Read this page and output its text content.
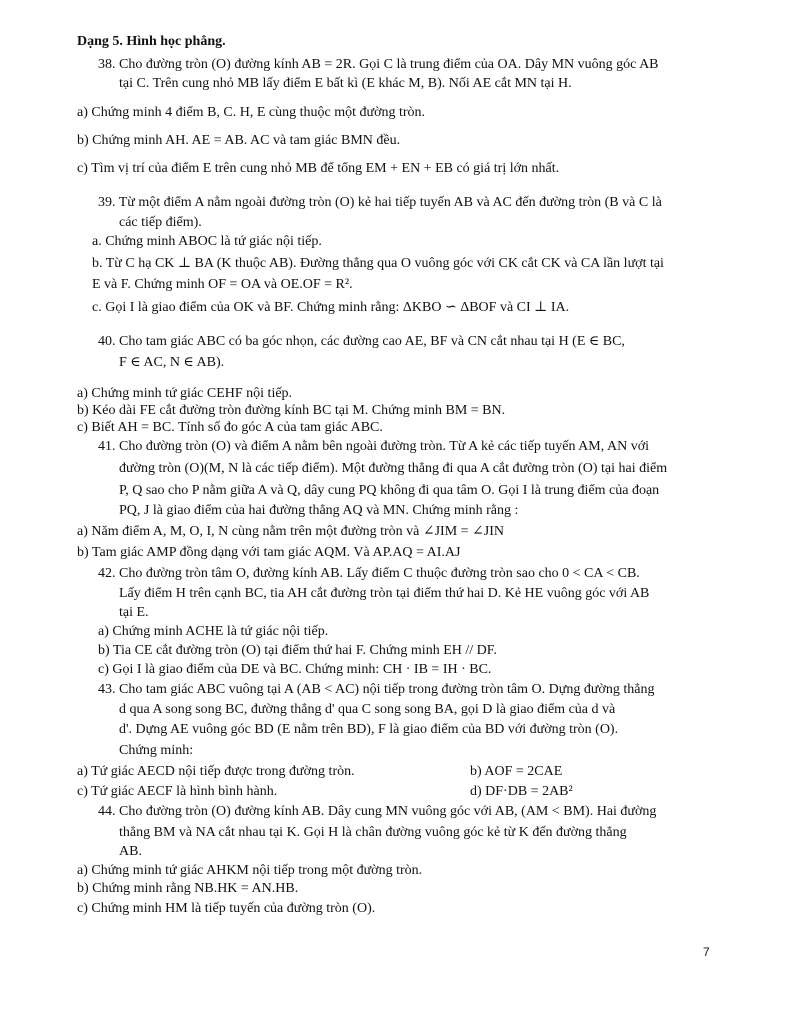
Dạng 5. Hình học phẳng.
38. Cho đường tròn (O) đường kính AB = 2R. Gọi C là trung điểm của OA. Dây MN vuông góc AB
tại C. Trên cung nhỏ MB lấy điểm E bất kì (E khác M, B). Nối AE cắt MN tại H.
a) Chứng minh 4 điểm B, C. H, E cùng thuộc một đường tròn.
b) Chứng minh AH. AE = AB. AC và tam giác BMN đều.
c) Tìm vị trí của điểm E trên cung nhỏ MB để tổng EM + EN + EB có giá trị lớn nhất.
39. Từ một điểm A nằm ngoài đường tròn (O) kẻ hai tiếp tuyến AB và AC đến đường tròn (B và C là
các tiếp điểm).
a. Chứng minh ABOC là tứ giác nội tiếp.
b. Từ C hạ CK ⊥ BA (K thuộc AB). Đường thẳng qua O vuông góc với CK cắt CK và CA lần lượt tại
E và F. Chứng minh OF = OA và OE.OF = R².
c. Gọi I là giao điểm của OK và BF. Chứng minh rằng: ΔKBO ∽ ΔBOF và CI ⊥ IA.
40. Cho tam giác ABC có ba góc nhọn, các đường cao AE, BF và CN cắt nhau tại H (E ∈ BC,
F ∈ AC, N ∈ AB).
a) Chứng minh tứ giác CEHF nội tiếp.
b) Kéo dài FE cắt đường tròn đường kính BC tại M. Chứng minh BM = BN.
c) Biết AH = BC. Tính số đo góc A của tam giác ABC.
41. Cho đường tròn (O) và điểm A nằm bên ngoài đường tròn. Từ A kẻ các tiếp tuyến AM, AN với
đường tròn (O)(M, N là các tiếp điểm). Một đường thẳng đi qua A cắt đường tròn (O) tại hai điểm
P, Q sao cho P nằm giữa A và Q, dây cung PQ không đi qua tâm O. Gọi I là trung điểm của đoạn
PQ, J là giao điểm của hai đường thẳng AQ và MN. Chứng minh rằng :
a) Năm điểm A, M, O, I, N cùng nằm trên một đường tròn và ∠JIM = ∠JIN
b) Tam giác AMP đồng dạng với tam giác AQM. Và AP.AQ = AI.AJ
42. Cho đường tròn tâm O, đường kính AB. Lấy điểm C thuộc đường tròn sao cho 0 < CA < CB.
Lấy điểm H trên cạnh BC, tia AH cắt đường tròn tại điểm thứ hai D. Kẻ HE vuông góc với AB
tại E.
a) Chứng minh ACHE là tứ giác nội tiếp.
b) Tia CE cắt đường tròn (O) tại điểm thứ hai F. Chứng minh EH // DF.
c) Gọi I là giao điểm của DE và BC. Chứng minh: CH · IB = IH · BC.
43. Cho tam giác ABC vuông tại A (AB < AC) nội tiếp trong đường tròn tâm O. Dựng đường thẳng
d qua A song song BC, đường thẳng d' qua C song song BA, gọi D là giao điểm của d và
d'. Dựng AE vuông góc BD (E nằm trên BD), F là giao điểm của BD với đường tròn (O).
Chứng minh:
a) Tứ giác AECD nội tiếp được trong đường tròn.	b) AOF = 2CAE
c) Tứ giác AECF là hình bình hành.	d) DF·DB = 2AB²
44. Cho đường tròn (O) đường kính AB. Dây cung MN vuông góc với AB, (AM < BM). Hai đường
thẳng BM và NA cắt nhau tại K. Gọi H là chân đường vuông góc kẻ từ K đến đường thẳng
AB.
a) Chứng minh tứ giác AHKM nội tiếp trong một đường tròn.
b) Chứng minh rằng NB.HK = AN.HB.
c) Chứng minh HM là tiếp tuyến của đường tròn (O).
7
